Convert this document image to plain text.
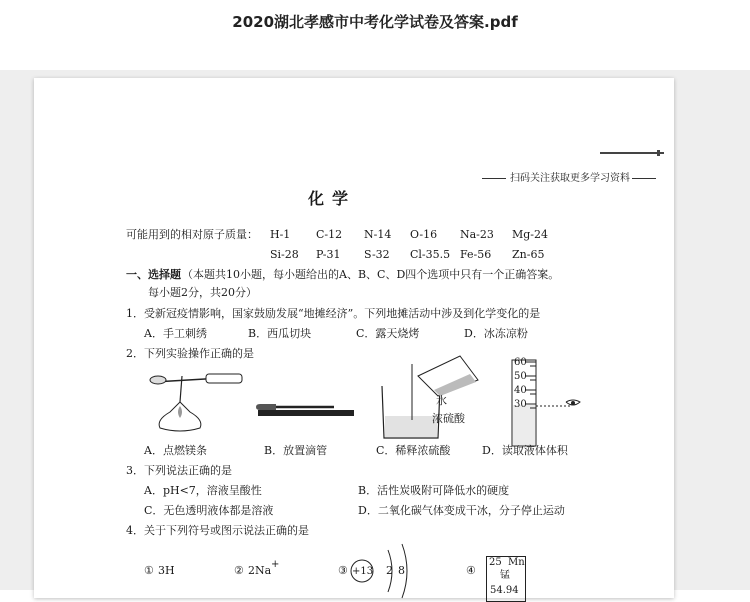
2020湖北孝感市中考化学试卷及答案.pdf
扫码关注获取更多学习资料
化学
可能用到的相对原子质量： H-1 C-12 N-14 O-16 Na-23 Mg-24
Si-28 P-31 S-32 Cl-35.5 Fe-56 Zn-65
一、选择题 （本题共10小题，每小题给出的A、B、C、D四个选项中只有一个正确答案。
每小题2分，共20分）
1．受新冠疫情影响，国家鼓励发展“地摊经济”。下列地摊活动中涉及到化学变化的是
A．手工刺绣	B．西瓜切块	C．露天烧烤	D．冰冻凉粉
2．下列实验操作正确的是
水
浓硫酸
60
50
40
30
A．点燃镁条	B．放置滴管	C．稀释浓硫酸	D．读取液体体积
3．下列说法正确的是
A．pH<7，溶液呈酸性	B．活性炭吸附可降低水的硬度
C．无色透明液体都是溶液	D．二氧化碳气体变成干冰，分子停止运动
4．关于下列符号或图示说法正确的是
① 3H	② 2Na +	③ +13 2 8	④
25 Mn
锰
54.94
